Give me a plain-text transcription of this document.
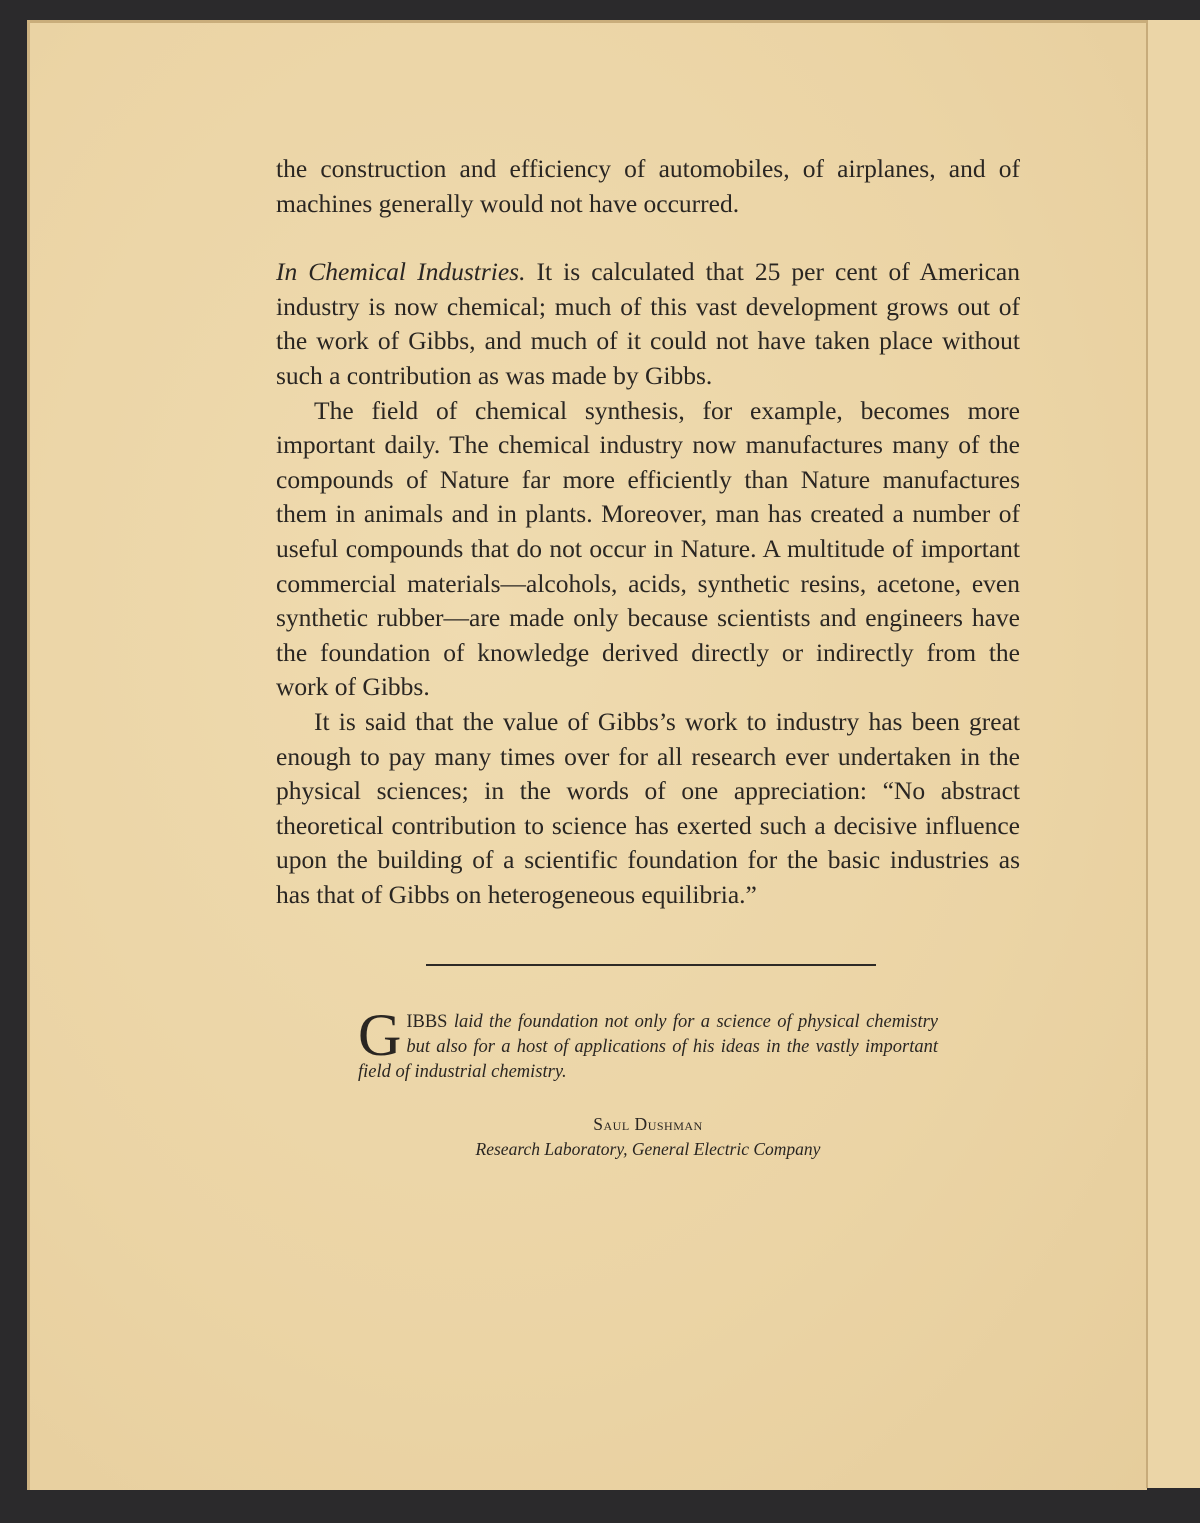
the construction and efficiency of automobiles, of airplanes, and of machines generally would not have occurred.

In Chemical Industries. It is calculated that 25 per cent of American industry is now chemical; much of this vast development grows out of the work of Gibbs, and much of it could not have taken place without such a contribution as was made by Gibbs.

The field of chemical synthesis, for example, becomes more important daily. The chemical industry now manufactures many of the compounds of Nature far more efficiently than Nature manufactures them in animals and in plants. Moreover, man has created a number of useful compounds that do not occur in Nature. A multitude of important commercial materials—alcohols, acids, synthetic resins, acetone, even synthetic rubber—are made only because scientists and engineers have the foundation of knowledge derived directly or indirectly from the work of Gibbs.

It is said that the value of Gibbs’s work to industry has been great enough to pay many times over for all research ever undertaken in the physical sciences; in the words of one appreciation: “No abstract theoretical contribution to science has exerted such a decisive influence upon the building of a scientific foundation for the basic industries as has that of Gibbs on heterogeneous equilibria.”

GIBBS laid the foundation not only for a science of physical chemistry but also for a host of applications of his ideas in the vastly important field of industrial chemistry.
Saul Dushman
Research Laboratory, General Electric Company
